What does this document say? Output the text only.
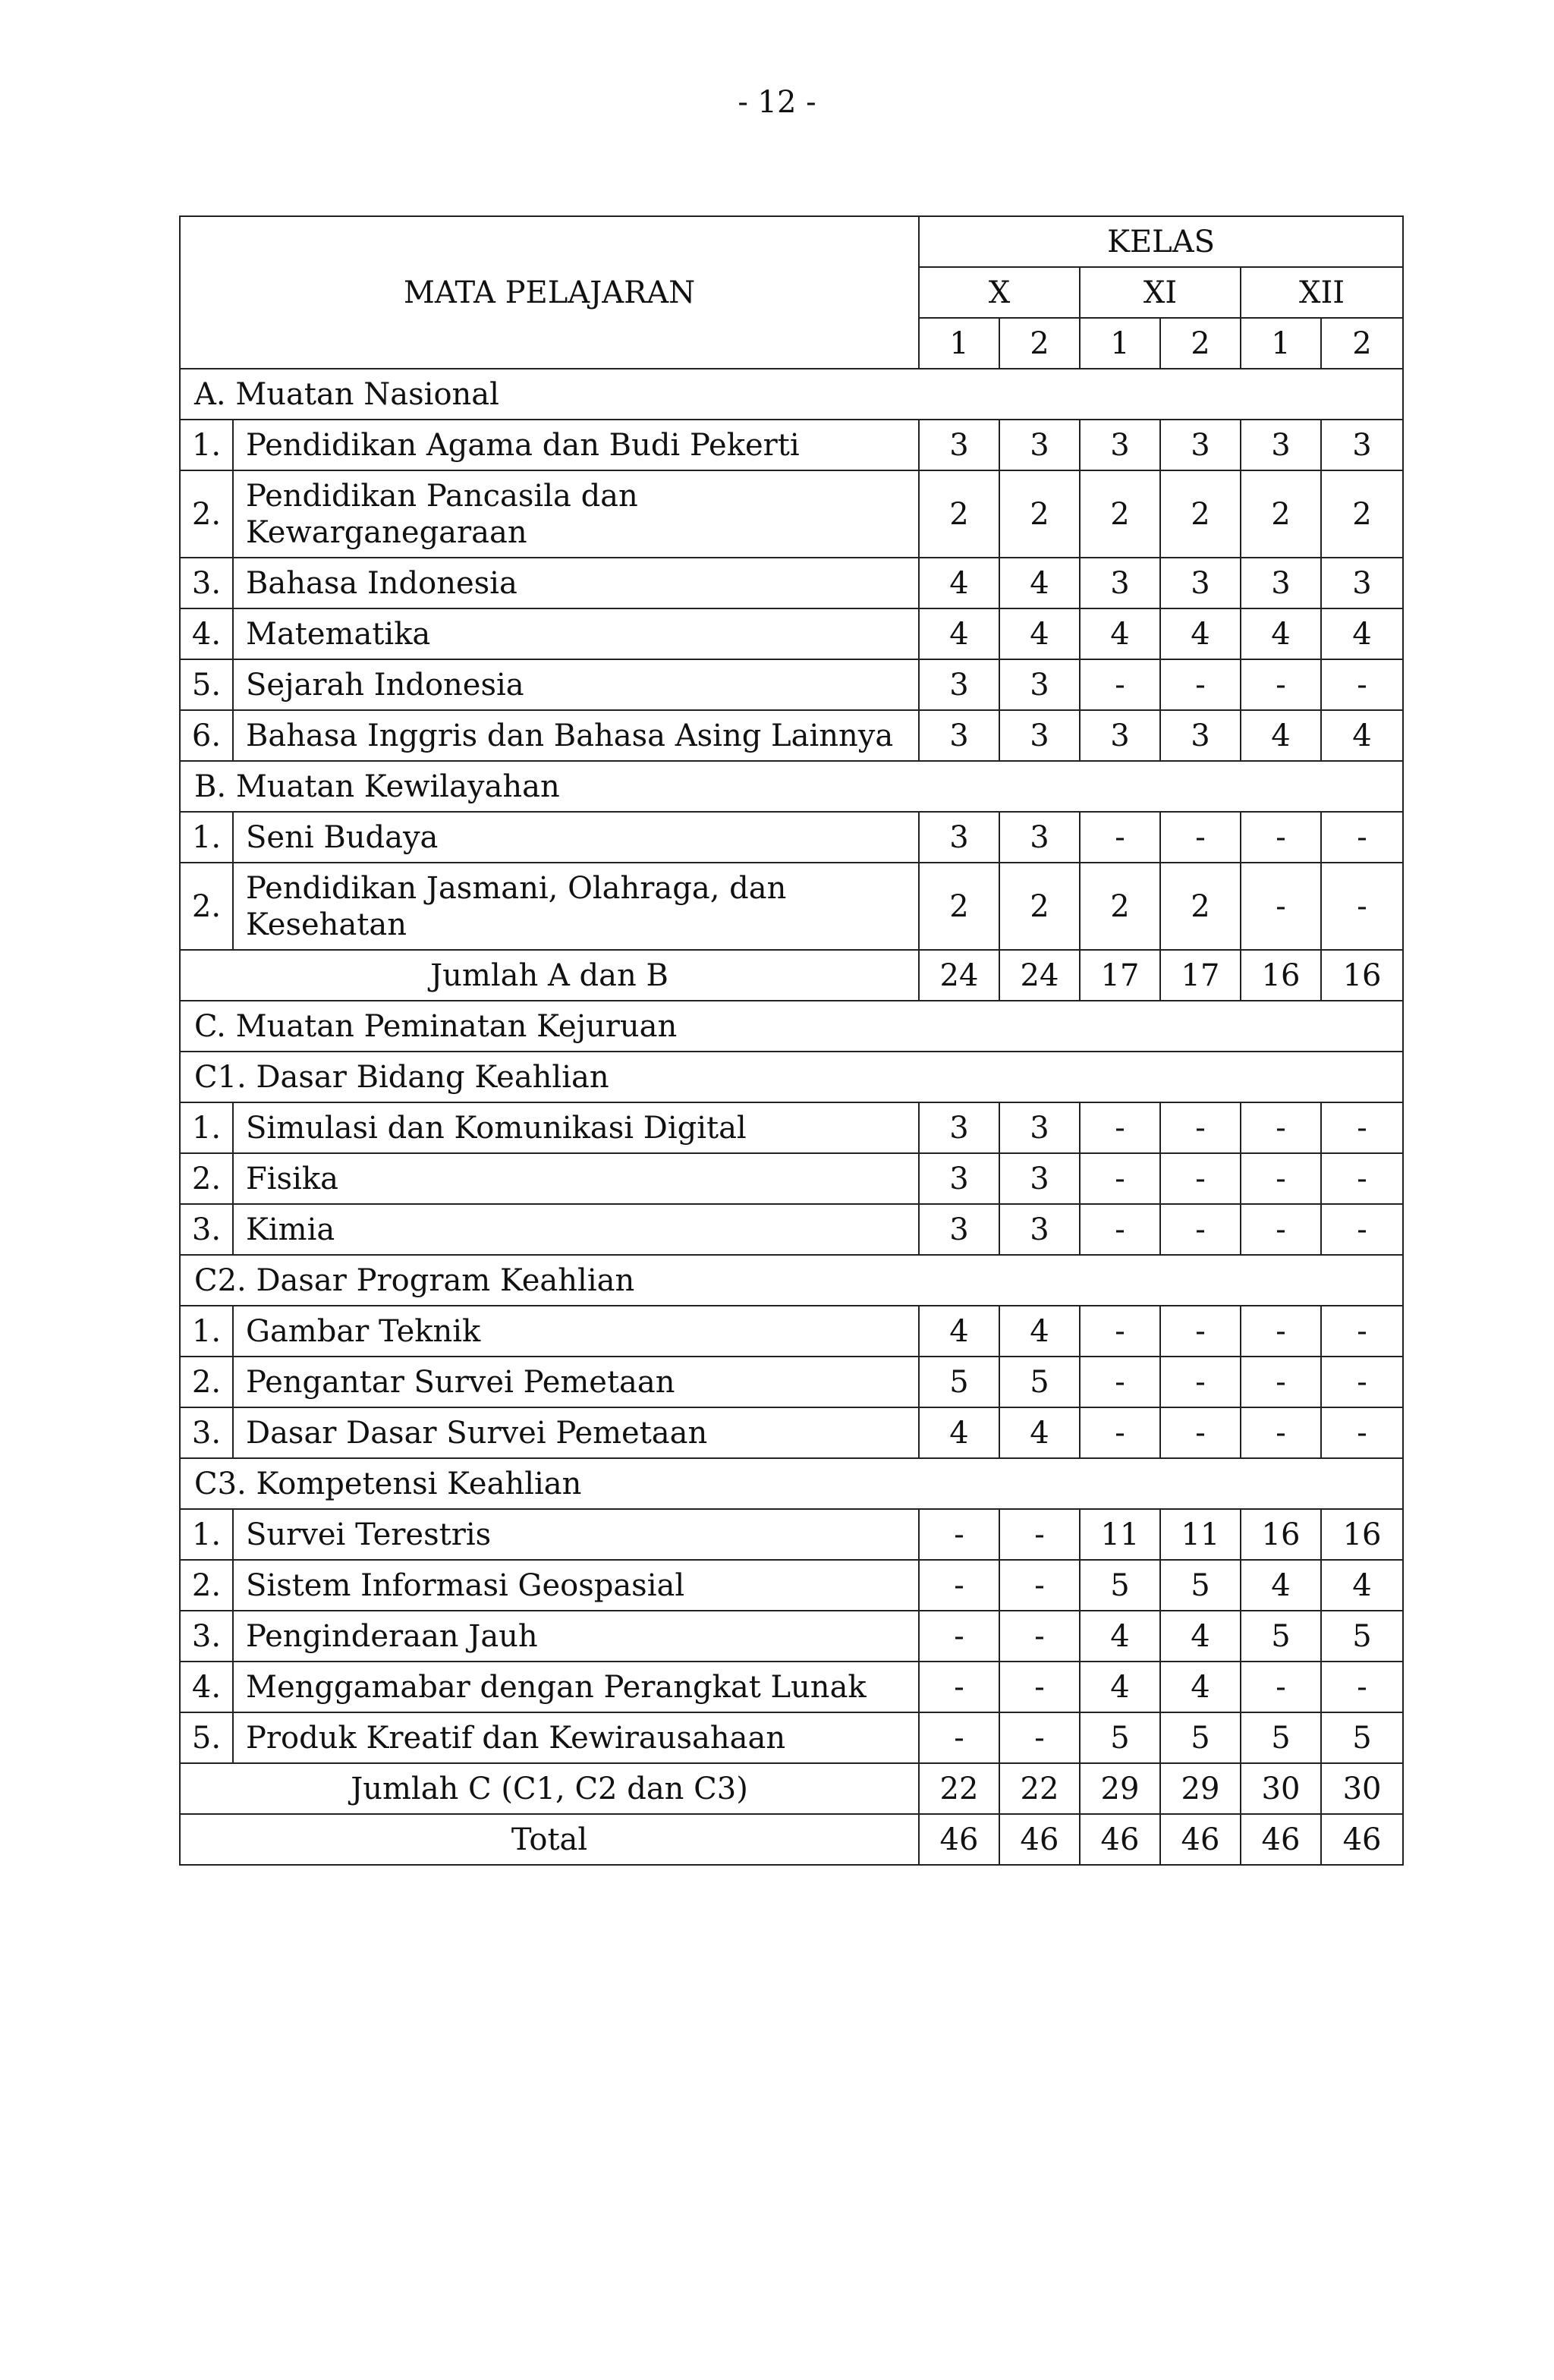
- 12 -
MATA PELAJARAN		KELAS					
		X		XI		XII	
		1	2	1	2	1	2
A. Muatan Nasional							
1.	Pendidikan Agama dan Budi Pekerti	3	3	3	3	3	3
2.	Pendidikan Pancasila dan
Kewarganegaraan	2	2	2	2	2	2
3.	Bahasa Indonesia	4	4	3	3	3	3
4.	Matematika	4	4	4	4	4	4
5.	Sejarah Indonesia	3	3	-	-	-	-
6.	Bahasa Inggris dan Bahasa Asing Lainnya	3	3	3	3	4	4
B. Muatan Kewilayahan							
1.	Seni Budaya	3	3	-	-	-	-
2.	Pendidikan Jasmani, Olahraga, dan
Kesehatan	2	2	2	2	-	-
Jumlah A dan B		24	24	17	17	16	16
C. Muatan Peminatan Kejuruan							
C1. Dasar Bidang Keahlian							
1.	Simulasi dan Komunikasi Digital	3	3	-	-	-	-
2.	Fisika	3	3	-	-	-	-
3.	Kimia	3	3	-	-	-	-
C2. Dasar Program Keahlian							
1.	Gambar Teknik	4	4	-	-	-	-
2.	Pengantar Survei Pemetaan	5	5	-	-	-	-
3.	Dasar Dasar Survei Pemetaan	4	4	-	-	-	-
C3. Kompetensi Keahlian							
1.	Survei Terestris	-	-	11	11	16	16
2.	Sistem Informasi Geospasial	-	-	5	5	4	4
3.	Penginderaan Jauh	-	-	4	4	5	5
4.	Menggamabar dengan Perangkat Lunak	-	-	4	4	-	-
5.	Produk Kreatif dan Kewirausahaan	-	-	5	5	5	5
Jumlah C (C1, C2 dan C3)		22	22	29	29	30	30
Total		46	46	46	46	46	46
